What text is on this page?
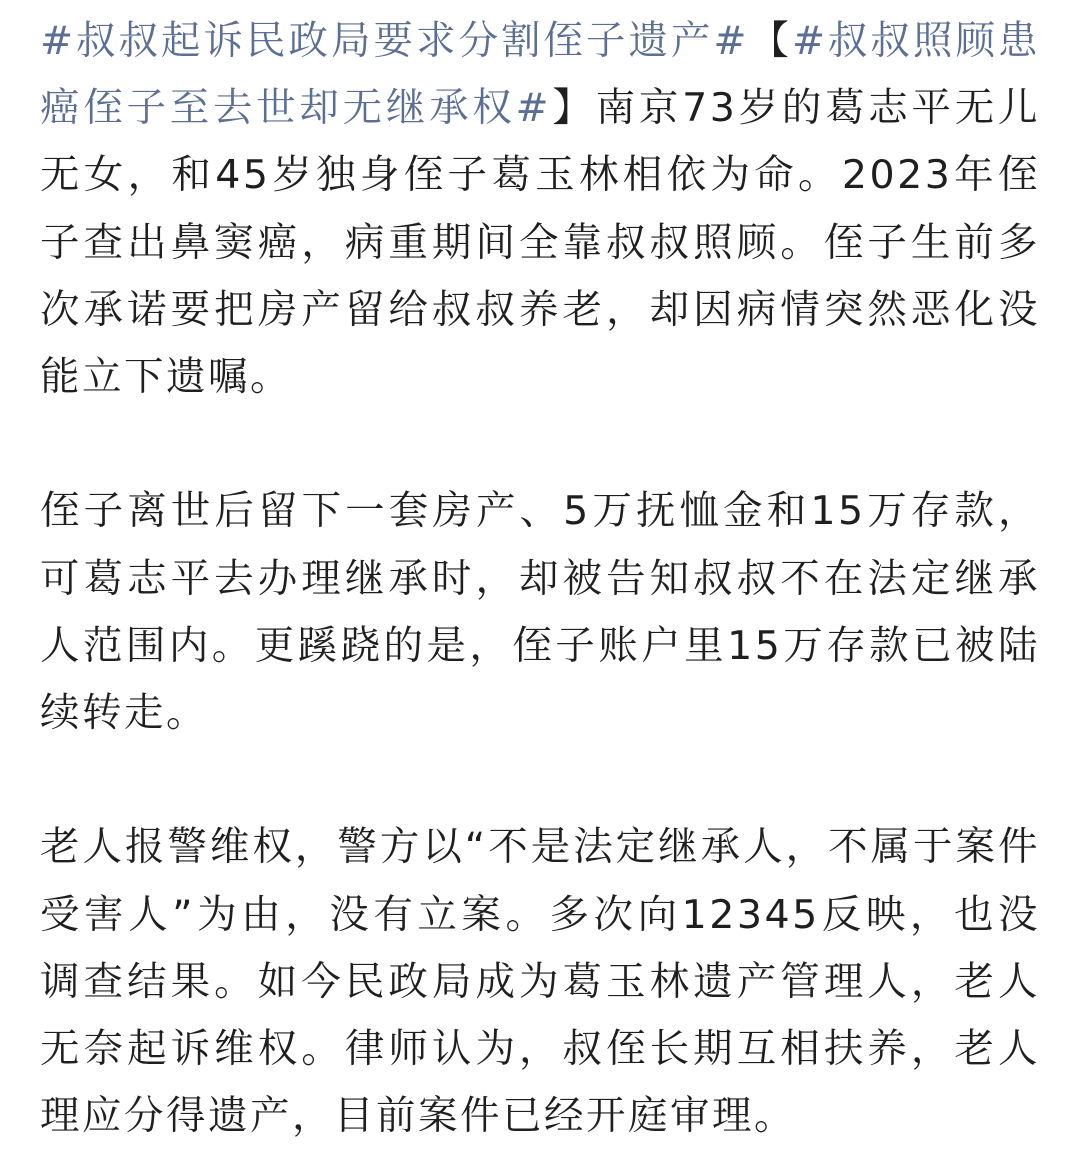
#叔叔起诉民政局要求分割侄子遗产#【#叔叔照顾患癌侄子至去世却无继承权#】南京73岁的葛志平无儿无女，和45岁独身侄子葛玉林相依为命。2023年侄子查出鼻窦癌，病重期间全靠叔叔照顾。侄子生前多次承诺要把房产留给叔叔养老，却因病情突然恶化没能立下遗嘱。

侄子离世后留下一套房产、5万抚恤金和15万存款，可葛志平去办理继承时，却被告知叔叔不在法定继承人范围内。更蹊跷的是，侄子账户里15万存款已被陆续转走。

老人报警维权，警方以“不是法定继承人，不属于案件受害人”为由，没有立案。多次向12345反映，也没调查结果。如今民政局成为葛玉林遗产管理人，老人无奈起诉维权。律师认为，叔侄长期互相扶养，老人理应分得遗产，目前案件已经开庭审理。
